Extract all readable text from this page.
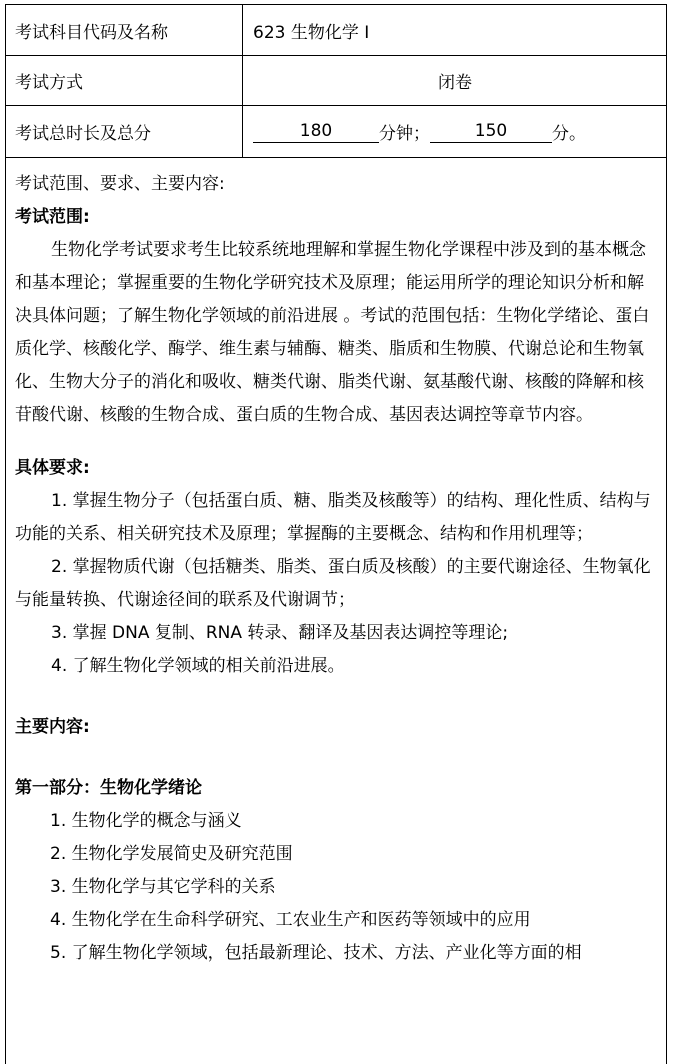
考试科目代码及名称	623 生物化学 I
考试方式	闭卷
考试总时长及总分	180	分钟；	150	分。

考试范围、要求、主要内容:

考试范围:

生物化学考试要求考生比较系统地理解和掌握生物化学课程中涉及到的基本概念和基本理论；掌握重要的生物化学研究技术及原理；能运用所学的理论知识分析和解决具体问题；了解生物化学领域的前沿进展 。考试的范围包括：生物化学绪论、蛋白质化学、核酸化学、酶学、维生素与辅酶、糖类、脂质和生物膜、代谢总论和生物氧化、生物大分子的消化和吸收、糖类代谢、脂类代谢、氨基酸代谢、核酸的降解和核苷酸代谢、核酸的生物合成、蛋白质的生物合成、基因表达调控等章节内容。

具体要求:

1. 掌握生物分子（包括蛋白质、糖、脂类及核酸等）的结构、理化性质、结构与功能的关系、相关研究技术及原理；掌握酶的主要概念、结构和作用机理等；

2. 掌握物质代谢（包括糖类、脂类、蛋白质及核酸）的主要代谢途径、生物氧化与能量转换、代谢途径间的联系及代谢调节；

3. 掌握 DNA 复制、RNA 转录、翻译及基因表达调控等理论;

4. 了解生物化学领域的相关前沿进展。

主要内容:

第一部分：生物化学绪论

1. 生物化学的概念与涵义

2. 生物化学发展简史及研究范围

3. 生物化学与其它学科的关系

4. 生物化学在生命科学研究、工农业生产和医药等领域中的应用

5. 了解生物化学领域，包括最新理论、技术、方法、产业化等方面的相
